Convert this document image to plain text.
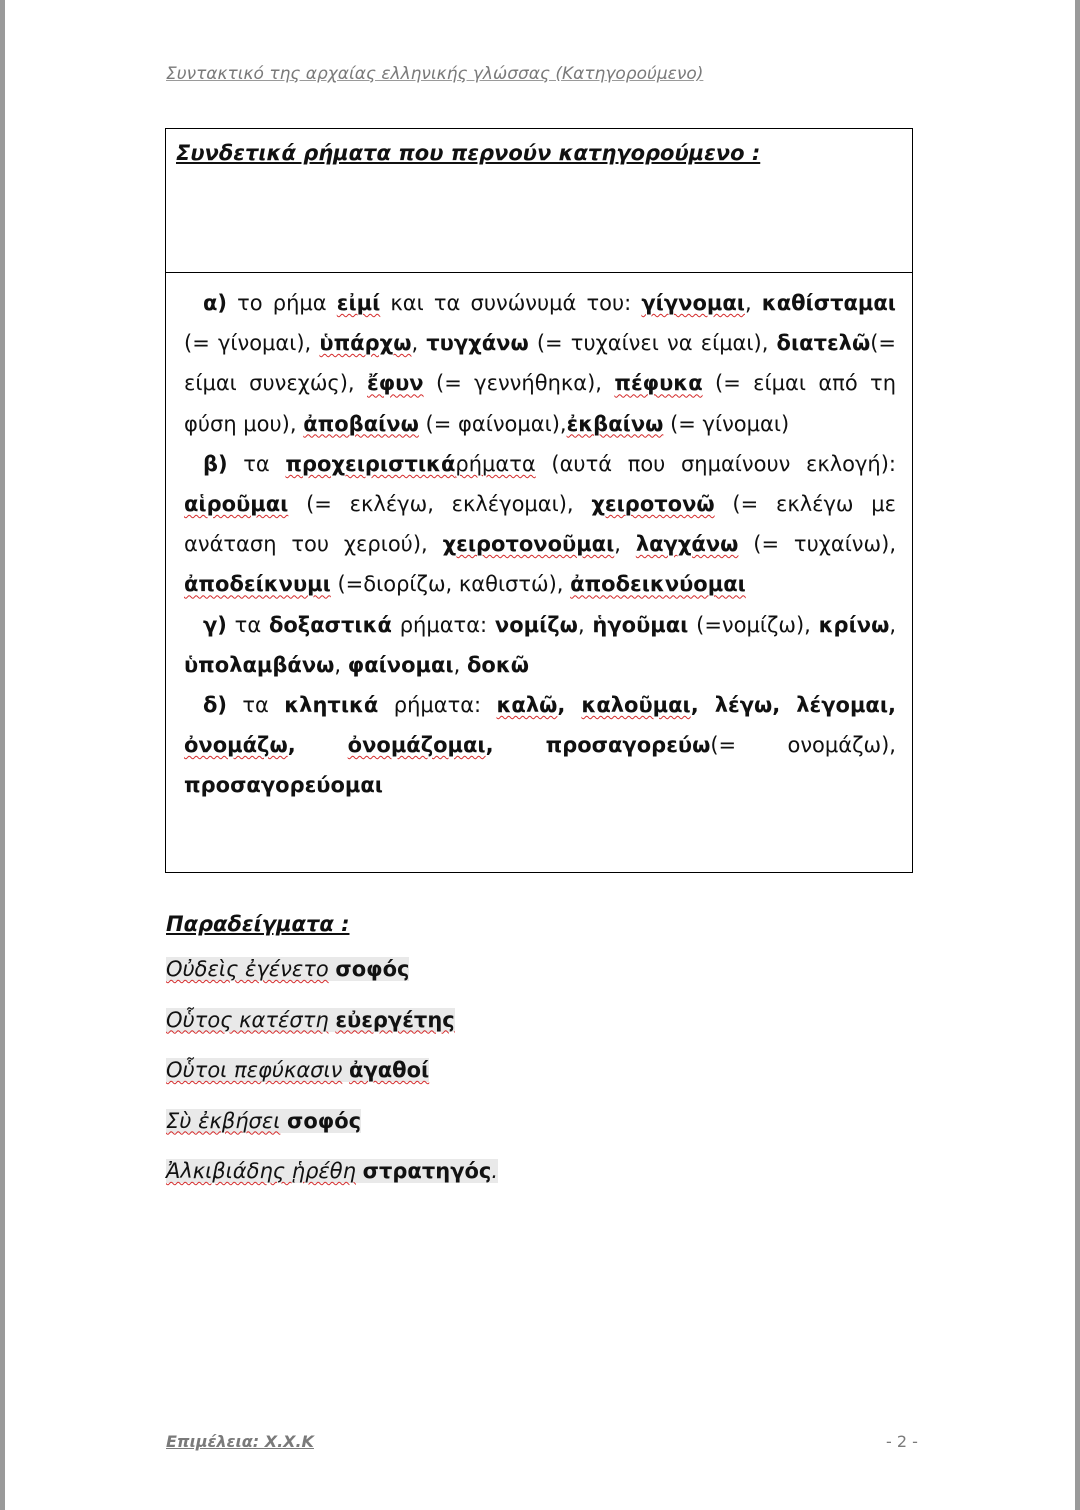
Συντακτικό της αρχαίας ελληνικής γλώσσας (Κατηγορούμενο)
Συνδετικά ρήματα που περνούν κατηγορούμενο :

α) το ρήμα εἰμί και τα συνώνυμά του: γίγνομαι, καθίσταμαι (= γίνομαι), ὑπάρχω, τυγχάνω (= τυχαίνει να είμαι), διατελῶ(= είμαι συνεχώς), ἔφυν (= γεννήθηκα), πέφυκα (= είμαι από τη φύση μου), ἀποβαίνω (= φαίνομαι),ἐκβαίνω (= γίνομαι)

β) τα προχειριστικάρήματα (αυτά που σημαίνουν εκλογή): αἱροῦμαι (= εκλέγω, εκλέγομαι), χειροτονῶ (= εκλέγω με ανάταση του χεριού), χειροτονοῦμαι, λαγχάνω (= τυχαίνω), ἀποδείκνυμι (=διορίζω, καθιστώ), ἀποδεικνύομαι

γ) τα δοξαστικά ρήματα: νομίζω, ἡγοῦμαι (=νομίζω), κρίνω, ὑπολαμβάνω, φαίνομαι, δοκῶ

δ) τα κλητικά ρήματα: καλῶ, καλοῦμαι, λέγω, λέγομαι, ὀνομάζω, ὀνομάζομαι, προσαγορεύω(= ονομάζω), προσαγορεύομαι

Παραδείγματα :
Οὐδεὶς ἐγένετο σοφός
Οὗτος κατέστη εὐεργέτης
Οὗτοι πεφύκασιν ἀγαθοί
Σὺ ἐκβήσει σοφός
Ἀλκιβιάδης ᾑρέθη στρατηγός.
Επιμέλεια: Χ.Χ.Κ	- 2 -
